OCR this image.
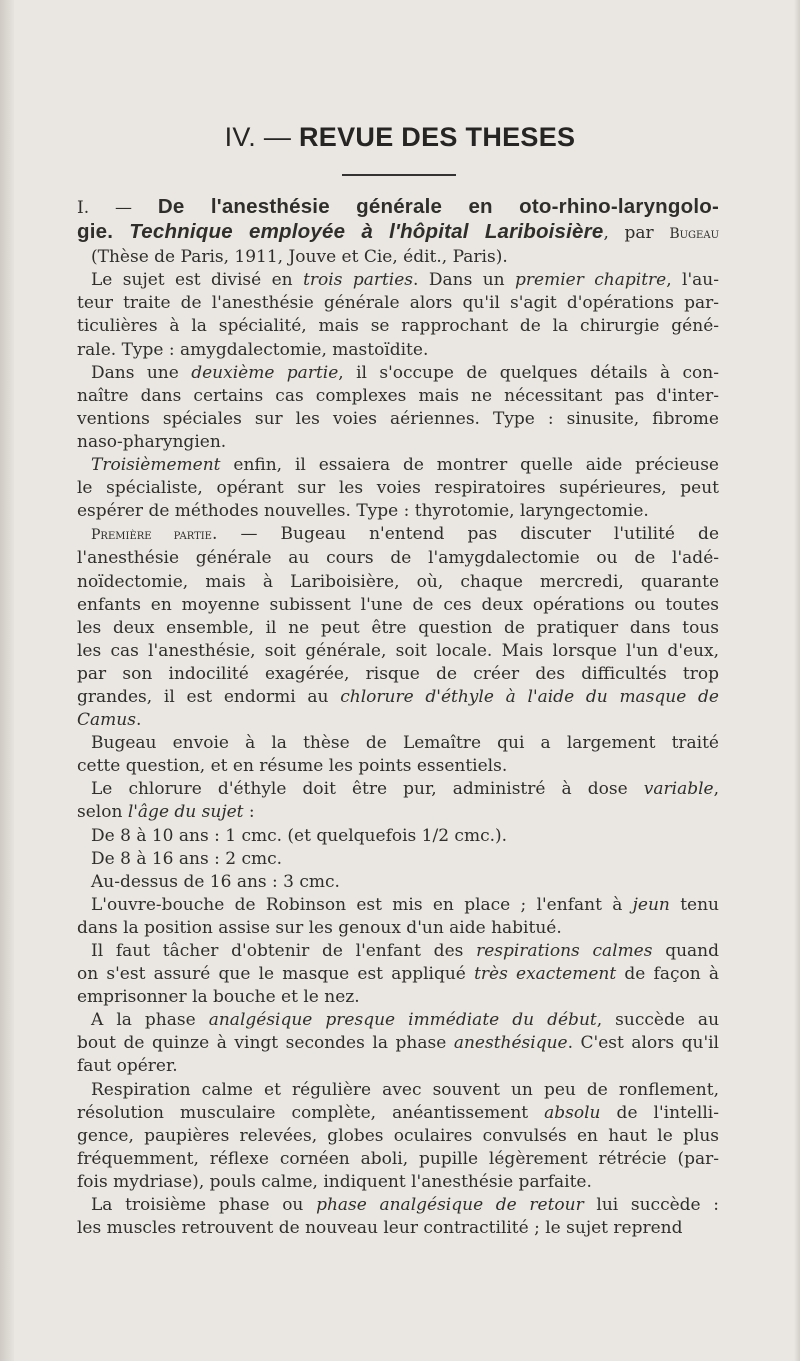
IV. — REVUE DES THESES
I. — De l'anesthésie générale en oto-rhino-laryngolo-
gie. Technique employée à l'hôpital Lariboisière, par Bugeau
(Thèse de Paris, 1911, Jouve et Cie, édit., Paris).
Le sujet est divisé en trois parties. Dans un premier chapitre, l'au-
teur traite de l'anesthésie générale alors qu'il s'agit d'opérations par-
ticulières à la spécialité, mais se rapprochant de la chirurgie géné-
rale. Type : amygdalectomie, mastoïdite.
Dans une deuxième partie, il s'occupe de quelques détails à con-
naître dans certains cas complexes mais ne nécessitant pas d'inter-
ventions spéciales sur les voies aériennes. Type : sinusite, fibrome
naso-pharyngien.
Troisièmement enfin, il essaiera de montrer quelle aide précieuse
le spécialiste, opérant sur les voies respiratoires supérieures, peut
espérer de méthodes nouvelles. Type : thyrotomie, laryngectomie.
Première partie. — Bugeau n'entend pas discuter l'utilité de
l'anesthésie générale au cours de l'amygdalectomie ou de l'adé-
noïdectomie, mais à Lariboisière, où, chaque mercredi, quarante
enfants en moyenne subissent l'une de ces deux opérations ou toutes
les deux ensemble, il ne peut être question de pratiquer dans tous
les cas l'anesthésie, soit générale, soit locale. Mais lorsque l'un d'eux,
par son indocilité exagérée, risque de créer des difficultés trop
grandes, il est endormi au chlorure d'éthyle à l'aide du masque de
Camus.
Bugeau envoie à la thèse de Lemaître qui a largement traité
cette question, et en résume les points essentiels.
Le chlorure d'éthyle doit être pur, administré à dose variable,
selon l'âge du sujet :
De 8 à 10 ans : 1 cmc. (et quelquefois 1/2 cmc.).
De 8 à 16 ans : 2 cmc.
Au-dessus de 16 ans : 3 cmc.
L'ouvre-bouche de Robinson est mis en place ; l'enfant à jeun tenu
dans la position assise sur les genoux d'un aide habitué.
Il faut tâcher d'obtenir de l'enfant des respirations calmes quand
on s'est assuré que le masque est appliqué très exactement de façon à
emprisonner la bouche et le nez.
A la phase analgésique presque immédiate du début, succède au
bout de quinze à vingt secondes la phase anesthésique. C'est alors qu'il
faut opérer.
Respiration calme et régulière avec souvent un peu de ronflement,
résolution musculaire complète, anéantissement absolu de l'intelli-
gence, paupières relevées, globes oculaires convulsés en haut le plus
fréquemment, réflexe cornéen aboli, pupille légèrement rétrécie (par-
fois mydriase), pouls calme, indiquent l'anesthésie parfaite.
La troisième phase ou phase analgésique de retour lui succède :
les muscles retrouvent de nouveau leur contractilité ; le sujet reprend
